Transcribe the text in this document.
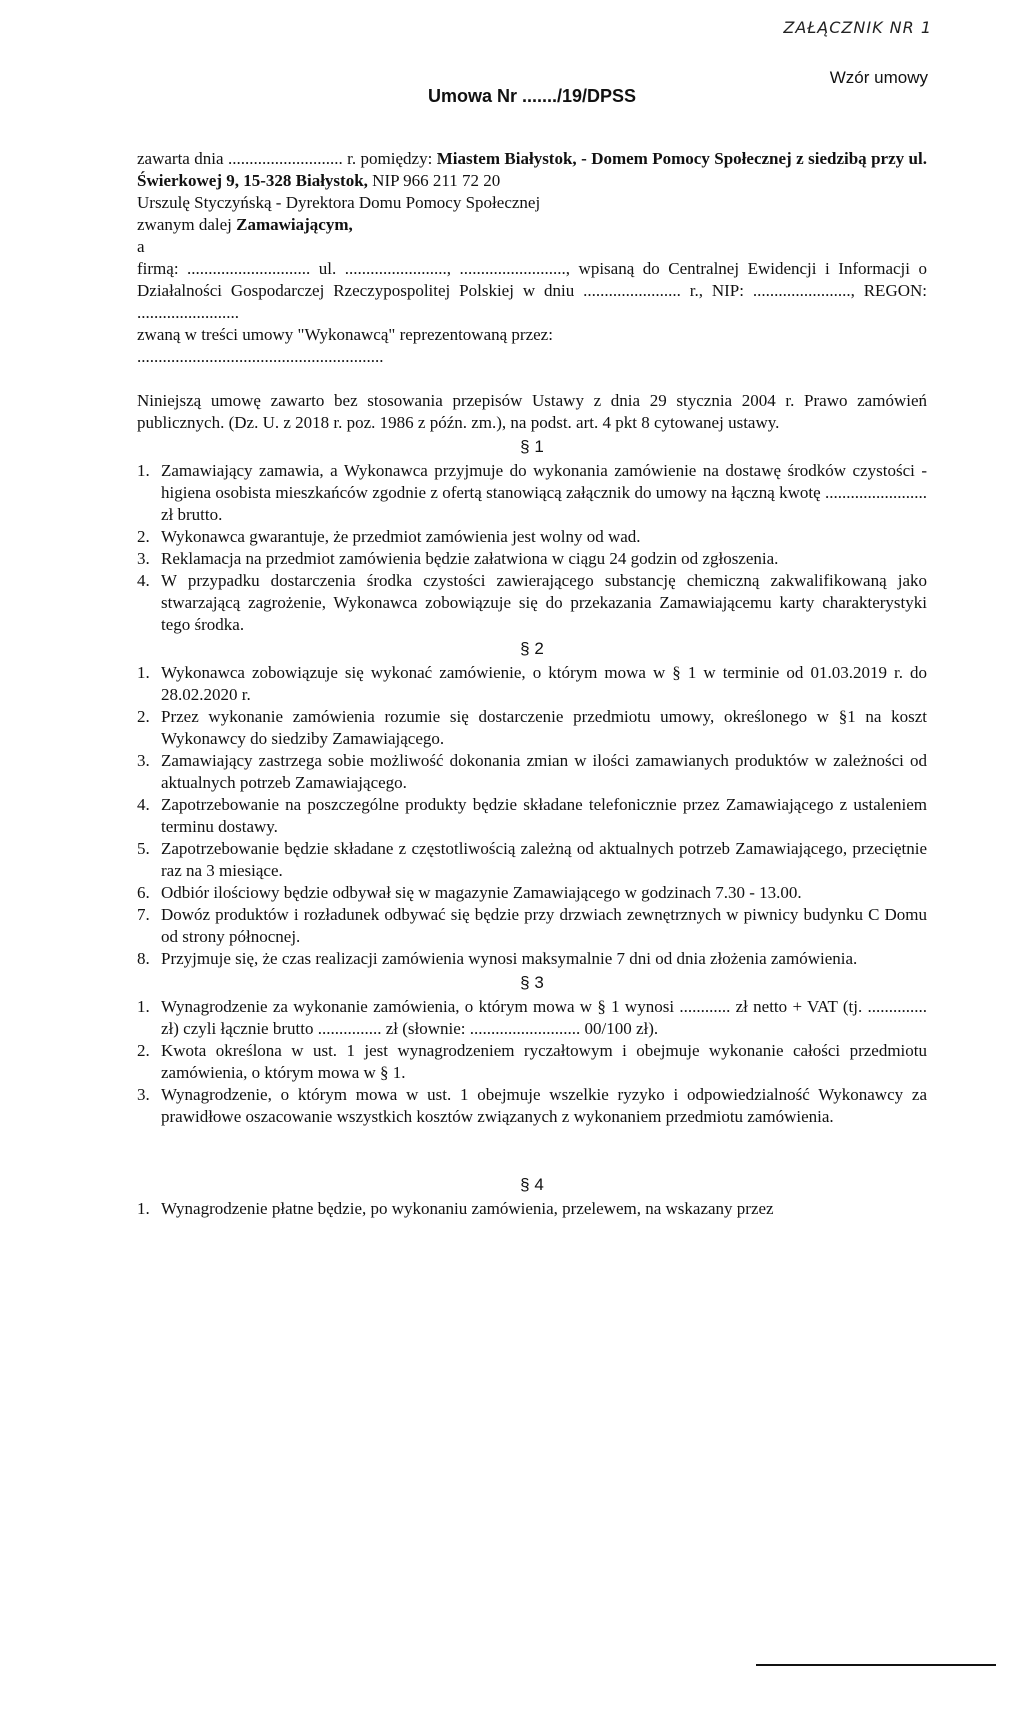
ZAŁĄCZNIK NR 1
Wzór umowy
Umowa Nr ......./19/DPSS

zawarta dnia ........................... r. pomiędzy: Miastem Białystok, - Domem Pomocy Społecznej z siedzibą przy ul. Świerkowej 9, 15-328 Białystok, NIP 966 211 72 20

Urszulę Styczyńską - Dyrektora Domu Pomocy Społecznej

zwanym dalej Zamawiającym,

a

firmą: ............................. ul. ........................, ........................., wpisaną do Centralnej Ewidencji i Informacji o Działalności Gospodarczej Rzeczypospolitej Polskiej w dniu ....................... r., NIP: ......................., REGON: ........................

zwaną w treści umowy "Wykonawcą" reprezentowaną przez:

..........................................................

Niniejszą umowę zawarto bez stosowania przepisów Ustawy z dnia 29 stycznia 2004 r. Prawo zamówień publicznych. (Dz. U. z 2018 r. poz. 1986 z późn. zm.), na podst. art. 4 pkt 8 cytowanej ustawy.

§ 1
1. Zamawiający zamawia, a Wykonawca przyjmuje do wykonania zamówienie na dostawę środków czystości - higiena osobista mieszkańców zgodnie z ofertą stanowiącą załącznik do umowy na łączną kwotę ........................ zł brutto.
2. Wykonawca gwarantuje, że przedmiot zamówienia jest wolny od wad.
3. Reklamacja na przedmiot zamówienia będzie załatwiona w ciągu 24 godzin od zgłoszenia.
4. W przypadku dostarczenia środka czystości zawierającego substancję chemiczną zakwalifikowaną jako stwarzającą zagrożenie, Wykonawca zobowiązuje się do przekazania Zamawiającemu karty charakterystyki tego środka.
§ 2
1. Wykonawca zobowiązuje się wykonać zamówienie, o którym mowa w § 1 w terminie od 01.03.2019 r. do 28.02.2020 r.
2. Przez wykonanie zamówienia rozumie się dostarczenie przedmiotu umowy, określonego w §1 na koszt Wykonawcy do siedziby Zamawiającego.
3. Zamawiający zastrzega sobie możliwość dokonania zmian w ilości zamawianych produktów w zależności od aktualnych potrzeb Zamawiającego.
4. Zapotrzebowanie na poszczególne produkty będzie składane telefonicznie przez Zamawiającego z ustaleniem terminu dostawy.
5. Zapotrzebowanie będzie składane z częstotliwością zależną od aktualnych potrzeb Zamawiającego, przeciętnie raz na 3 miesiące.
6. Odbiór ilościowy będzie odbywał się w magazynie Zamawiającego w godzinach 7.30 - 13.00.
7. Dowóz produktów i rozładunek odbywać się będzie przy drzwiach zewnętrznych w piwnicy budynku C Domu od strony północnej.
8. Przyjmuje się, że czas realizacji zamówienia wynosi maksymalnie 7 dni od dnia złożenia zamówienia.
§ 3
1. Wynagrodzenie za wykonanie zamówienia, o którym mowa w § 1 wynosi ............ zł netto + VAT (tj. .............. zł) czyli łącznie brutto ............... zł (słownie: .......................... 00/100 zł).
2. Kwota określona w ust. 1 jest wynagrodzeniem ryczałtowym i obejmuje wykonanie całości przedmiotu zamówienia, o którym mowa w § 1.
3. Wynagrodzenie, o którym mowa w ust. 1 obejmuje wszelkie ryzyko i odpowiedzialność Wykonawcy za prawidłowe oszacowanie wszystkich kosztów związanych z wykonaniem przedmiotu zamówienia.
§ 4
1. Wynagrodzenie płatne będzie, po wykonaniu zamówienia, przelewem, na wskazany przez
